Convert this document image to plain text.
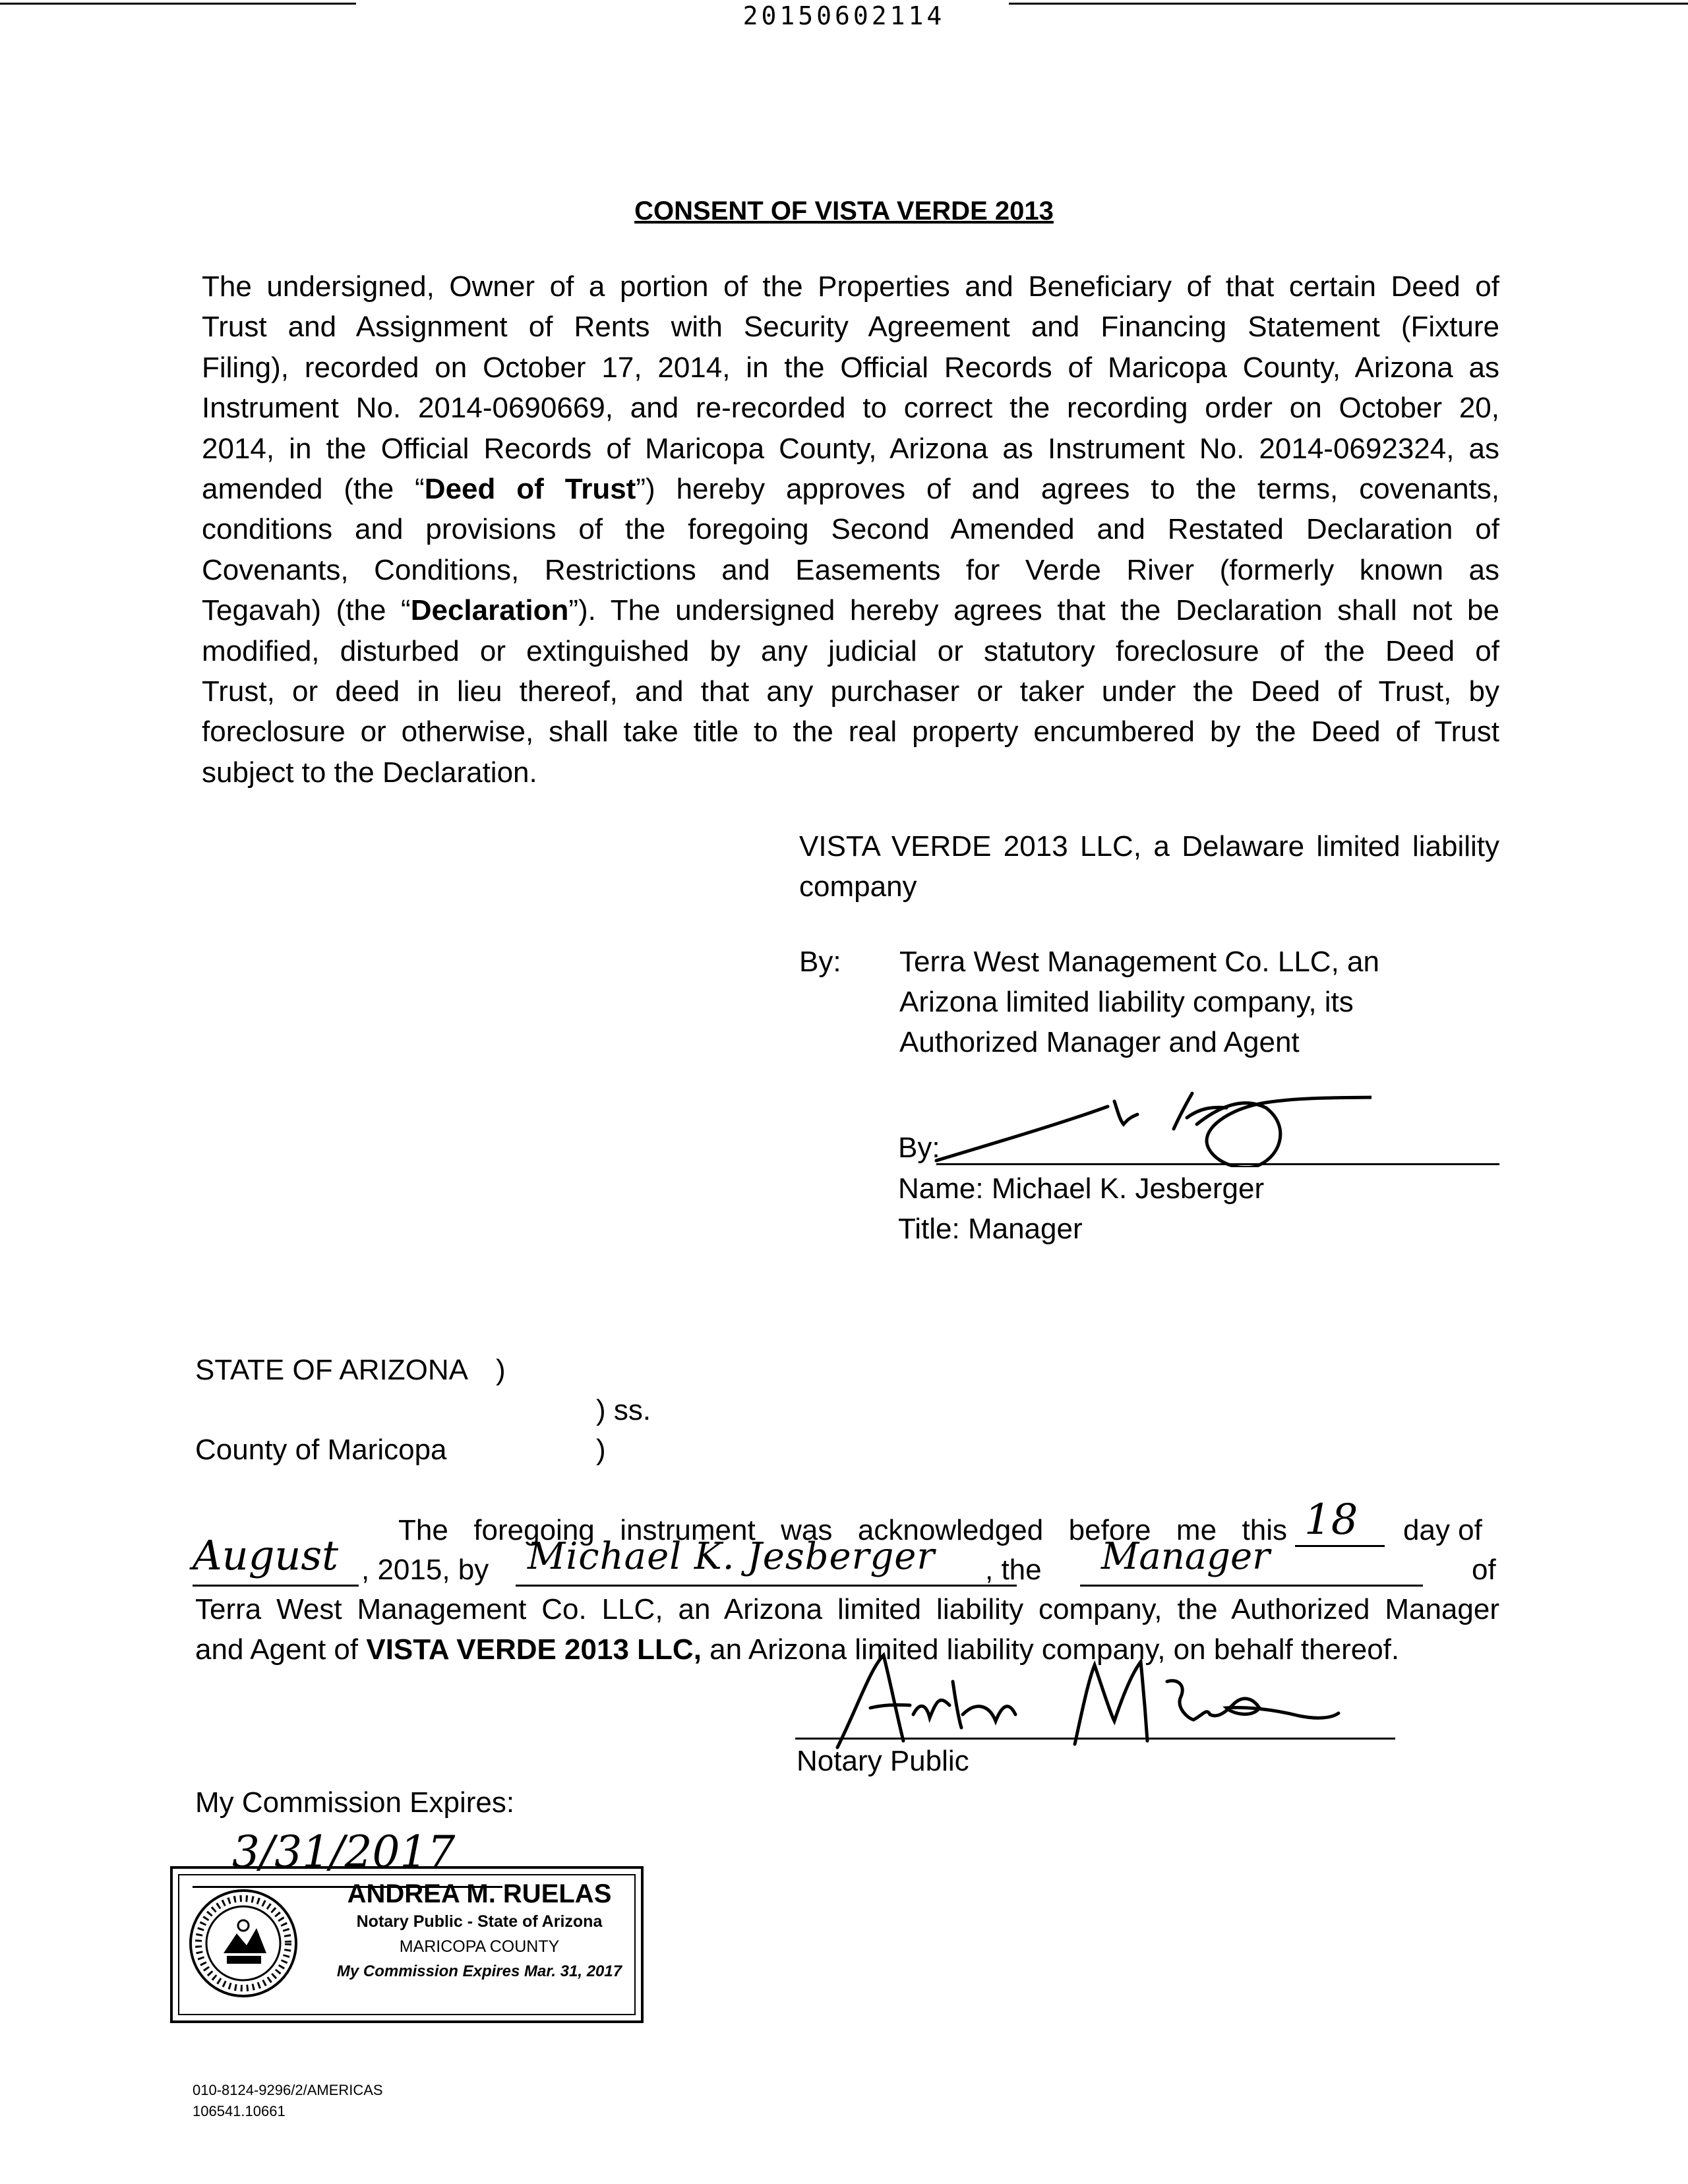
20150602114
CONSENT OF VISTA VERDE 2013
The undersigned, Owner of a portion of the Properties and Beneficiary of that certain Deed of
Trust and Assignment of Rents with Security Agreement and Financing Statement (Fixture
Filing), recorded on October 17, 2014, in the Official Records of Maricopa County, Arizona as
Instrument No. 2014-0690669, and re-recorded to correct the recording order on October 20,
2014, in the Official Records of Maricopa County, Arizona as Instrument No. 2014-0692324, as
amended (the “Deed of Trust”) hereby approves of and agrees to the terms, covenants,
conditions and provisions of the foregoing Second Amended and Restated Declaration of
Covenants, Conditions, Restrictions and Easements for Verde River (formerly known as
Tegavah) (the “Declaration”). The undersigned hereby agrees that the Declaration shall not be
modified, disturbed or extinguished by any judicial or statutory foreclosure of the Deed of
Trust, or deed in lieu thereof, and that any purchaser or taker under the Deed of Trust, by
foreclosure or otherwise, shall take title to the real property encumbered by the Deed of Trust
subject to the Declaration.
VISTA VERDE 2013 LLC, a Delaware limited liability
company
By: Terra West Management Co. LLC, an
Arizona limited liability company, its
Authorized Manager and Agent
By:
Name: Michael K. Jesberger
Title: Manager
STATE OF ARIZONA )
) ss.
County of Maricopa	)
The foregoing instrument was acknowledged before me this 18 day of
August , 2015, by Michael K. Jesberger , the Manager	of
Terra West Management Co. LLC, an Arizona limited liability company, the Authorized Manager
and Agent of VISTA VERDE 2013 LLC, an Arizona limited liability company, on behalf thereof.
Notary Public
My Commission Expires:
3/31/2017
ANDREA M. RUELAS
Notary Public - State of Arizona
MARICOPA COUNTY
My Commission Expires Mar. 31, 2017
010-8124-9296/2/AMERICAS
106541.10661
